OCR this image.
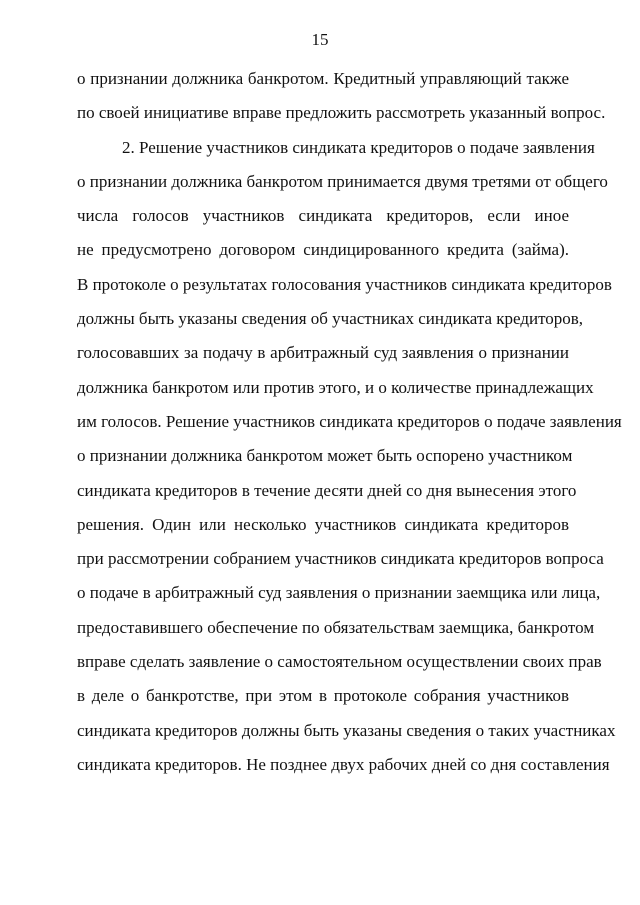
15
о признании должника банкротом. Кредитный управляющий также
по своей инициативе вправе предложить рассмотреть указанный вопрос.
2. Решение участников синдиката кредиторов о подаче заявления
о признании должника банкротом принимается двумя третями от общего
числа голосов участников синдиката кредиторов, если иное
не предусмотрено договором синдицированного кредита (займа).
В протоколе о результатах голосования участников синдиката кредиторов
должны быть указаны сведения об участниках синдиката кредиторов,
голосовавших за подачу в арбитражный суд заявления о признании
должника банкротом или против этого, и о количестве принадлежащих
им голосов. Решение участников синдиката кредиторов о подаче заявления
о признании должника банкротом может быть оспорено участником
синдиката кредиторов в течение десяти дней со дня вынесения этого
решения. Один или несколько участников синдиката кредиторов
при рассмотрении собранием участников синдиката кредиторов вопроса
о подаче в арбитражный суд заявления о признании заемщика или лица,
предоставившего обеспечение по обязательствам заемщика, банкротом
вправе сделать заявление о самостоятельном осуществлении своих прав
в деле о банкротстве, при этом в протоколе собрания участников
синдиката кредиторов должны быть указаны сведения о таких участниках
синдиката кредиторов. Не позднее двух рабочих дней со дня составления
